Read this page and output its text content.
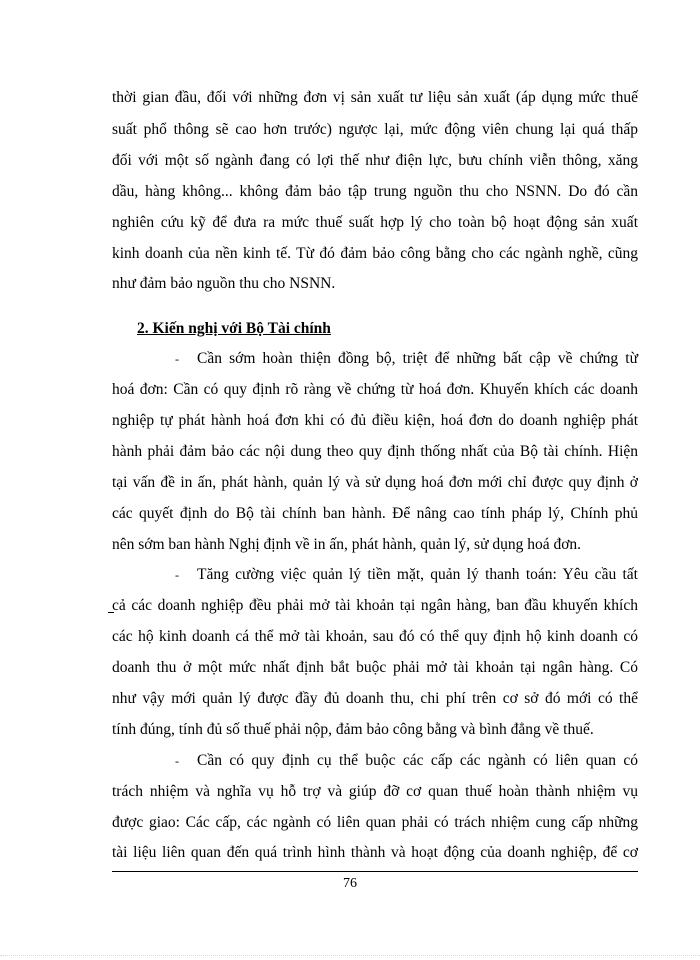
thời gian đầu, đối với những đơn vị sản xuất tư liệu sản xuất (áp dụng mức thuế
suất phổ thông sẽ cao hơn trước) ngược lại, mức động viên chung lại quá thấp
đối với một số ngành đang có lợi thế như điện lực, bưu chính viễn thông, xăng
dầu, hàng không... không đảm bảo tập trung nguồn thu cho NSNN. Do đó cần
nghiên cứu kỹ để đưa ra mức thuế suất hợp lý cho toàn bộ hoạt động sản xuất
kinh doanh của nền kinh tế. Từ đó đảm bảo công bằng cho các ngành nghề, cũng
như đảm bảo nguồn thu cho NSNN.
2. Kiến nghị với Bộ Tài chính
- Cần sớm hoàn thiện đồng bộ, triệt để những bất cập về chứng từ
hoá đơn: Cần có quy định rõ ràng về chứng từ hoá đơn. Khuyến khích các doanh
nghiệp tự phát hành hoá đơn khi có đủ điều kiện, hoá đơn do doanh nghiệp phát
hành phải đảm bảo các nội dung theo quy định thống nhất của Bộ tài chính. Hiện
tại vấn đề in ấn, phát hành, quản lý và sử dụng hoá đơn mới chỉ được quy định ở
các quyết định do Bộ tài chính ban hành. Để nâng cao tính pháp lý, Chính phủ
nên sớm ban hành Nghị định về in ấn, phát hành, quản lý, sử dụng hoá đơn.
- Tăng cường việc quản lý tiền mặt, quản lý thanh toán: Yêu cầu tất
cả các doanh nghiệp đều phải mở tài khoản tại ngân hàng, ban đầu khuyến khích
các hộ kinh doanh cá thể mở tài khoản, sau đó có thể quy định hộ kinh doanh có
doanh thu ở một mức nhất định bắt buộc phải mở tài khoản tại ngân hàng. Có
như vậy mới quản lý được đầy đủ doanh thu, chi phí trên cơ sở đó mới có thể
tính đúng, tính đủ số thuế phải nộp, đảm bảo công bằng và bình đẳng về thuế.
- Cần có quy định cụ thể buộc các cấp các ngành có liên quan có
trách nhiệm và nghĩa vụ hỗ trợ và giúp đỡ cơ quan thuế hoàn thành nhiệm vụ
được giao: Các cấp, các ngành có liên quan phải có trách nhiệm cung cấp những
tài liệu liên quan đến quá trình hình thành và hoạt động của doanh nghiệp, để cơ
76
